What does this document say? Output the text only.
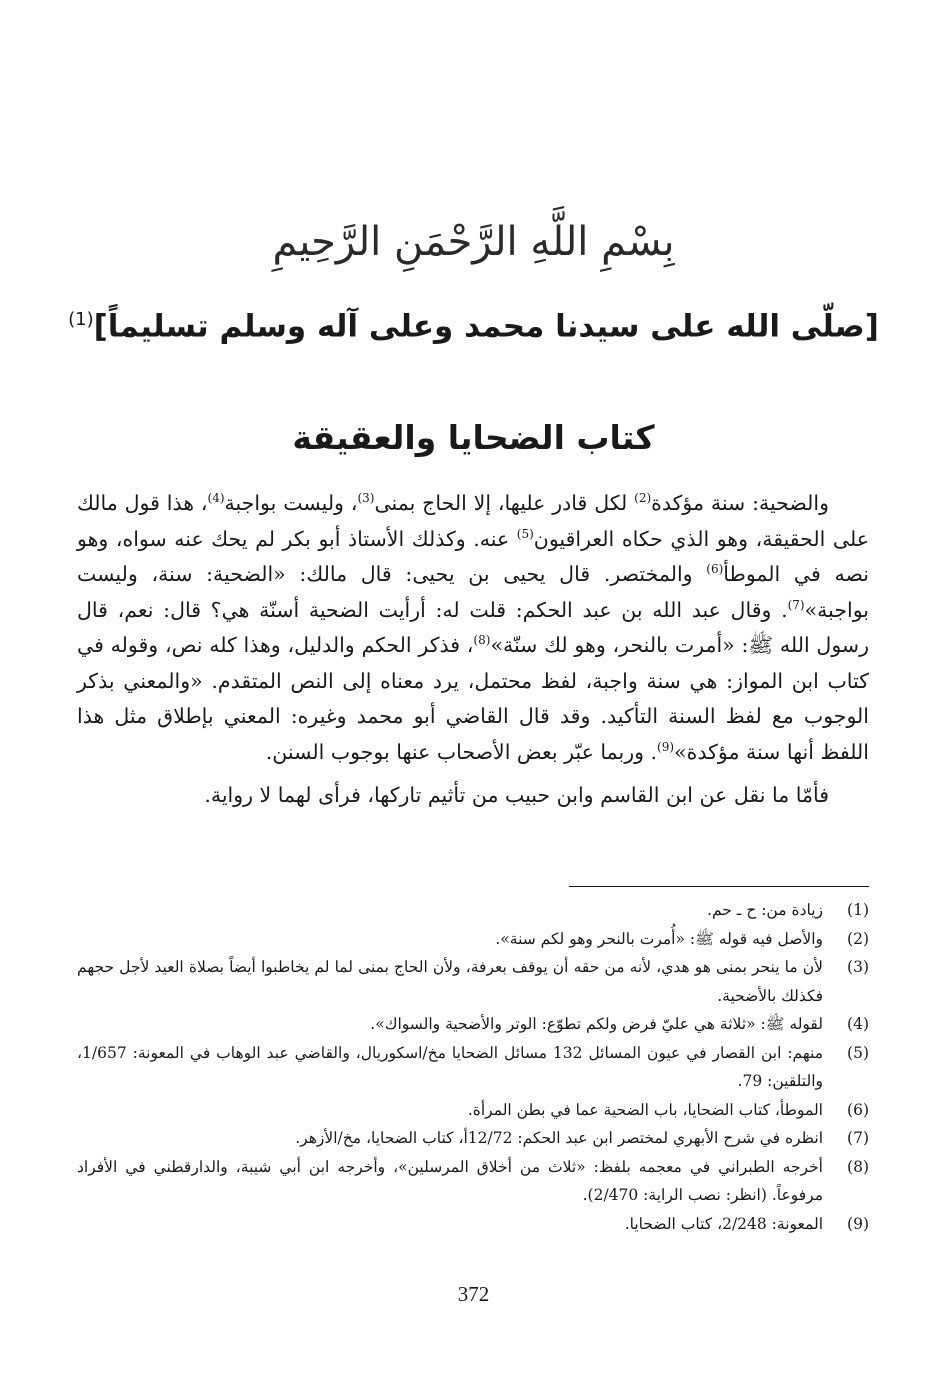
بِسْمِ اللَّهِ الرَّحْمَنِ الرَّحِيمِ
[صلّى الله على سيدنا محمد وعلى آله وسلم تسليماً]$^{(1)}$
كتاب الضحايا والعقيقة

والضحية: سنة مؤكدة$^{(2)}$ لكل قادر عليها، إلا الحاج بمنى$^{(3)}$، وليست بواجبة$^{(4)}$، هذا قول مالك على الحقيقة، وهو الذي حكاه العراقيون$^{(5)}$ عنه. وكذلك الأستاذ أبو بكر لم يحك عنه سواه، وهو نصه في الموطأ$^{(6)}$ والمختصر. قال يحيى بن يحيى: قال مالك: «الضحية: سنة، وليست بواجبة»$^{(7)}$. وقال عبد الله بن عبد الحكم: قلت له: أرأيت الضحية أسنّة هي؟ قال: نعم، قال رسول الله ﷺ: «أمرت بالنحر، وهو لك سنّة»$^{(8)}$، فذكر الحكم والدليل، وهذا كله نص، وقوله في كتاب ابن المواز: هي سنة واجبة، لفظ محتمل، يرد معناه إلى النص المتقدم. «والمعني بذكر الوجوب مع لفظ السنة التأكيد. وقد قال القاضي أبو محمد وغيره: المعني بإطلاق مثل هذا اللفظ أنها سنة مؤكدة»$^{(9)}$. وربما عبّر بعض الأصحاب عنها بوجوب السنن.

فأمّا ما نقل عن ابن القاسم وابن حبيب من تأثيم تاركها، فرأى لهما لا رواية.

(1)
زيادة من: ح ـ حم.
(2)
والأصل فيه قوله ﷺ: «أُمرت بالنحر وهو لكم سنة».
(3)
لأن ما ينحر بمنى هو هدي، لأنه من حقه أن يوقف بعرفة، ولأن الحاج بمنى لما لم يخاطبوا أيضاً بصلاة العيد لأجل حجهم فكذلك بالأضحية.
(4)
لقوله ﷺ: «ثلاثة هي عليّ فرض ولكم تطوّع: الوتر والأضحية والسواك».
(5)
منهم: ابن القصار في عيون المسائل 132 مسائل الضحايا مخ/اسكوريال، والقاضي عبد الوهاب في المعونة: 1/657، والتلقين: 79.
(6)
الموطأ، كتاب الضحايا، باب الضحية عما في بطن المرأة.
(7)
انظره في شرح الأبهري لمختصر ابن عبد الحكم: 12/72أ، كتاب الضحايا، مخ/الأزهر.
(8)
أخرجه الطبراني في معجمه بلفظ: «ثلاث من أخلاق المرسلين»، وأخرجه ابن أبي شيبة، والدارقطني في الأفراد مرفوعاً. (انظر: نصب الراية: 2/470).
(9)
المعونة: 2/248، كتاب الضحايا.
372
